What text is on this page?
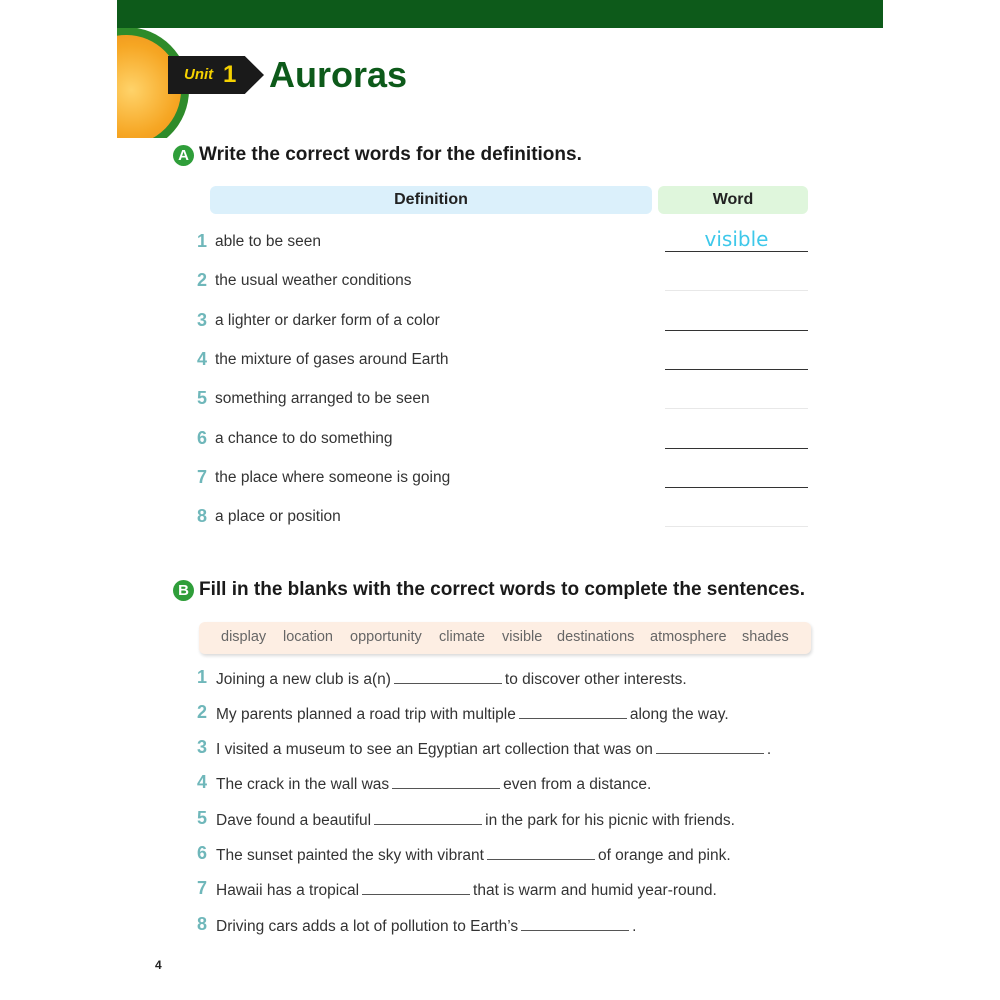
Unit 1 Auroras
A Write the correct words for the definitions.
Definition	Word
1 able to be seen	visible
2 the usual weather conditions
3 a lighter or darker form of a color
4 the mixture of gases around Earth
5 something arranged to be seen
6 a chance to do something
7 the place where someone is going
8 a place or position
B Fill in the blanks with the correct words to complete the sentences.
display location opportunity climate visible destinations atmosphere shades
1 Joining a new club is a(n)	to discover other interests.
2 My parents planned a road trip with multiple	along the way.
3 I visited a museum to see an Egyptian art collection that was on	.
4 The crack in the wall was	even from a distance.
5 Dave found a beautiful	in the park for his picnic with friends.
6 The sunset painted the sky with vibrant	of orange and pink.
7 Hawaii has a tropical	that is warm and humid year-round.
8 Driving cars adds a lot of pollution to Earth’s	.
4
